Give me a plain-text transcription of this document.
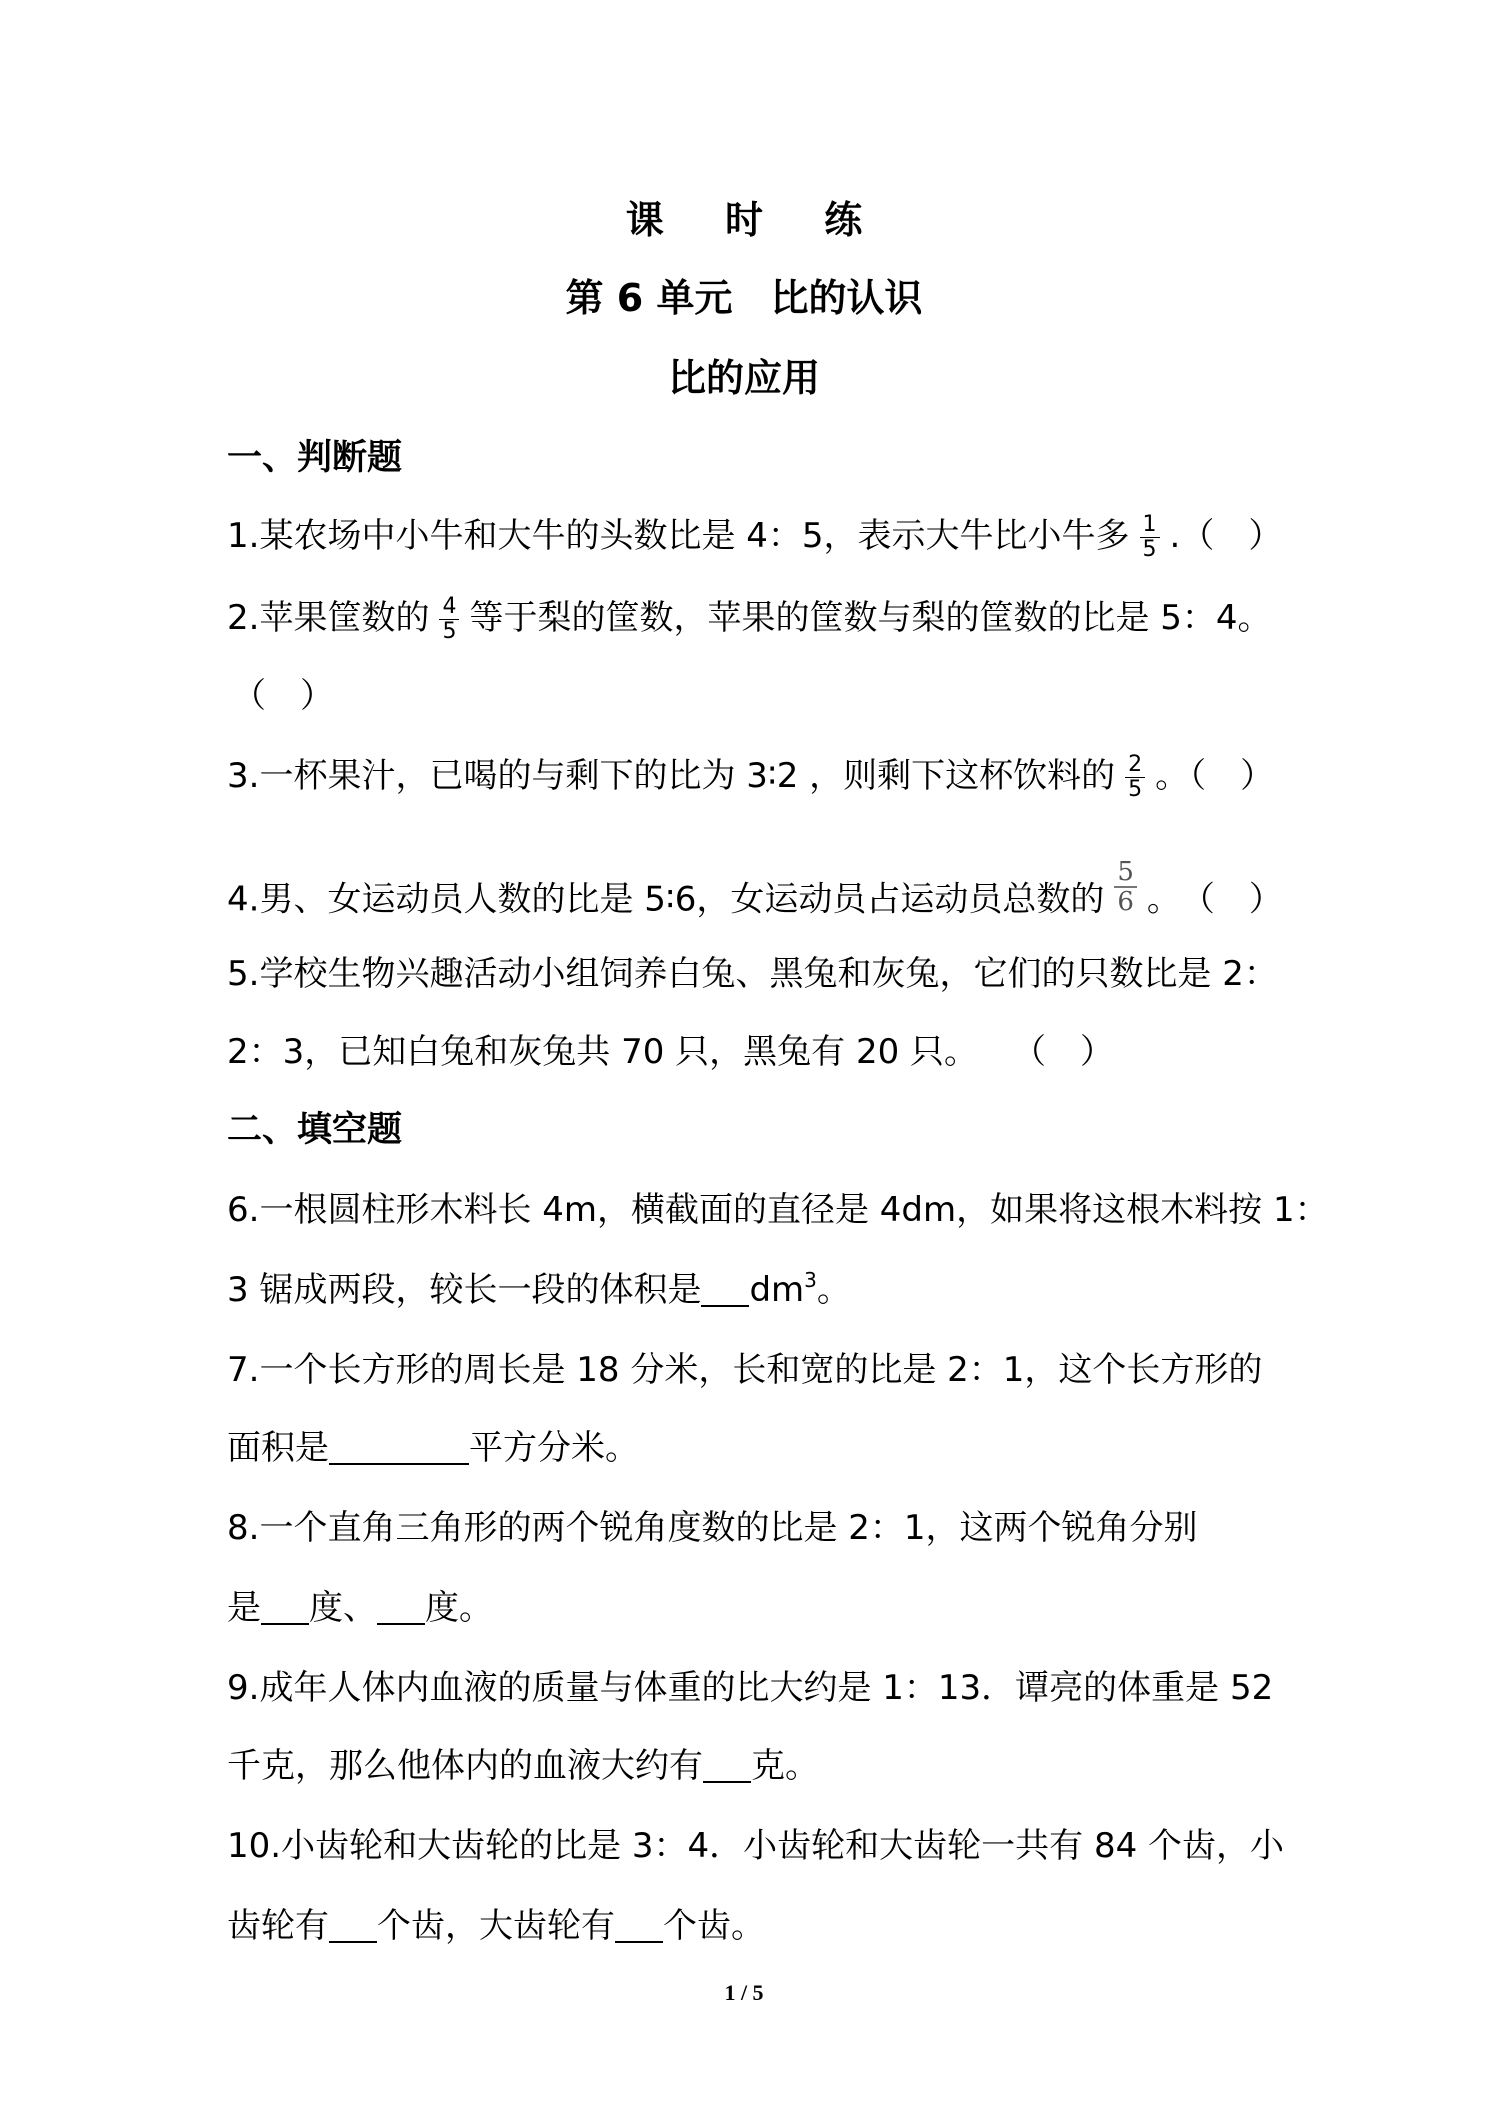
课 时 练
第 6 单元　比的认识
比的应用
一、判断题
1.某农场中小牛和大牛的头数比是 4：5，表示大牛比小牛多 $\frac{1}{5}$ .（　）
2.苹果筐数的 $\frac{4}{5}$ 等于梨的筐数，苹果的筐数与梨的筐数的比是 5：4。
（　）
3.一杯果汁，已喝的与剩下的比为 3∶2 ，则剩下这杯饮料的 $\frac{2}{5}$ 。（　）
4.男、女运动员人数的比是 5∶6，女运动员占运动员总数的 $\frac{5}{6}$ 。　（　）
5.学校生物兴趣活动小组饲养白兔、黑兔和灰兔，它们的只数比是 2：
2：3，已知白兔和灰兔共 70 只，黑兔有 20 只。　　（　）
二、填空题
6.一根圆柱形木料长 4m，横截面的直径是 4dm，如果将这根木料按 1：
3 锯成两段，较长一段的体积是 $dm^3$。
7.一个长方形的周长是 18 分米，长和宽的比是 2：1，这个长方形的
面积是	平方分米。
8.一个直角三角形的两个锐角度数的比是 2：1，这两个锐角分别
是 度、 度。
9.成年人体内血液的质量与体重的比大约是 1：13．谭亮的体重是 52
千克，那么他体内的血液大约有 克。
10.小齿轮和大齿轮的比是 3：4．小齿轮和大齿轮一共有 84 个齿，小
齿轮有 个齿，大齿轮有 个齿。
1 / 5
